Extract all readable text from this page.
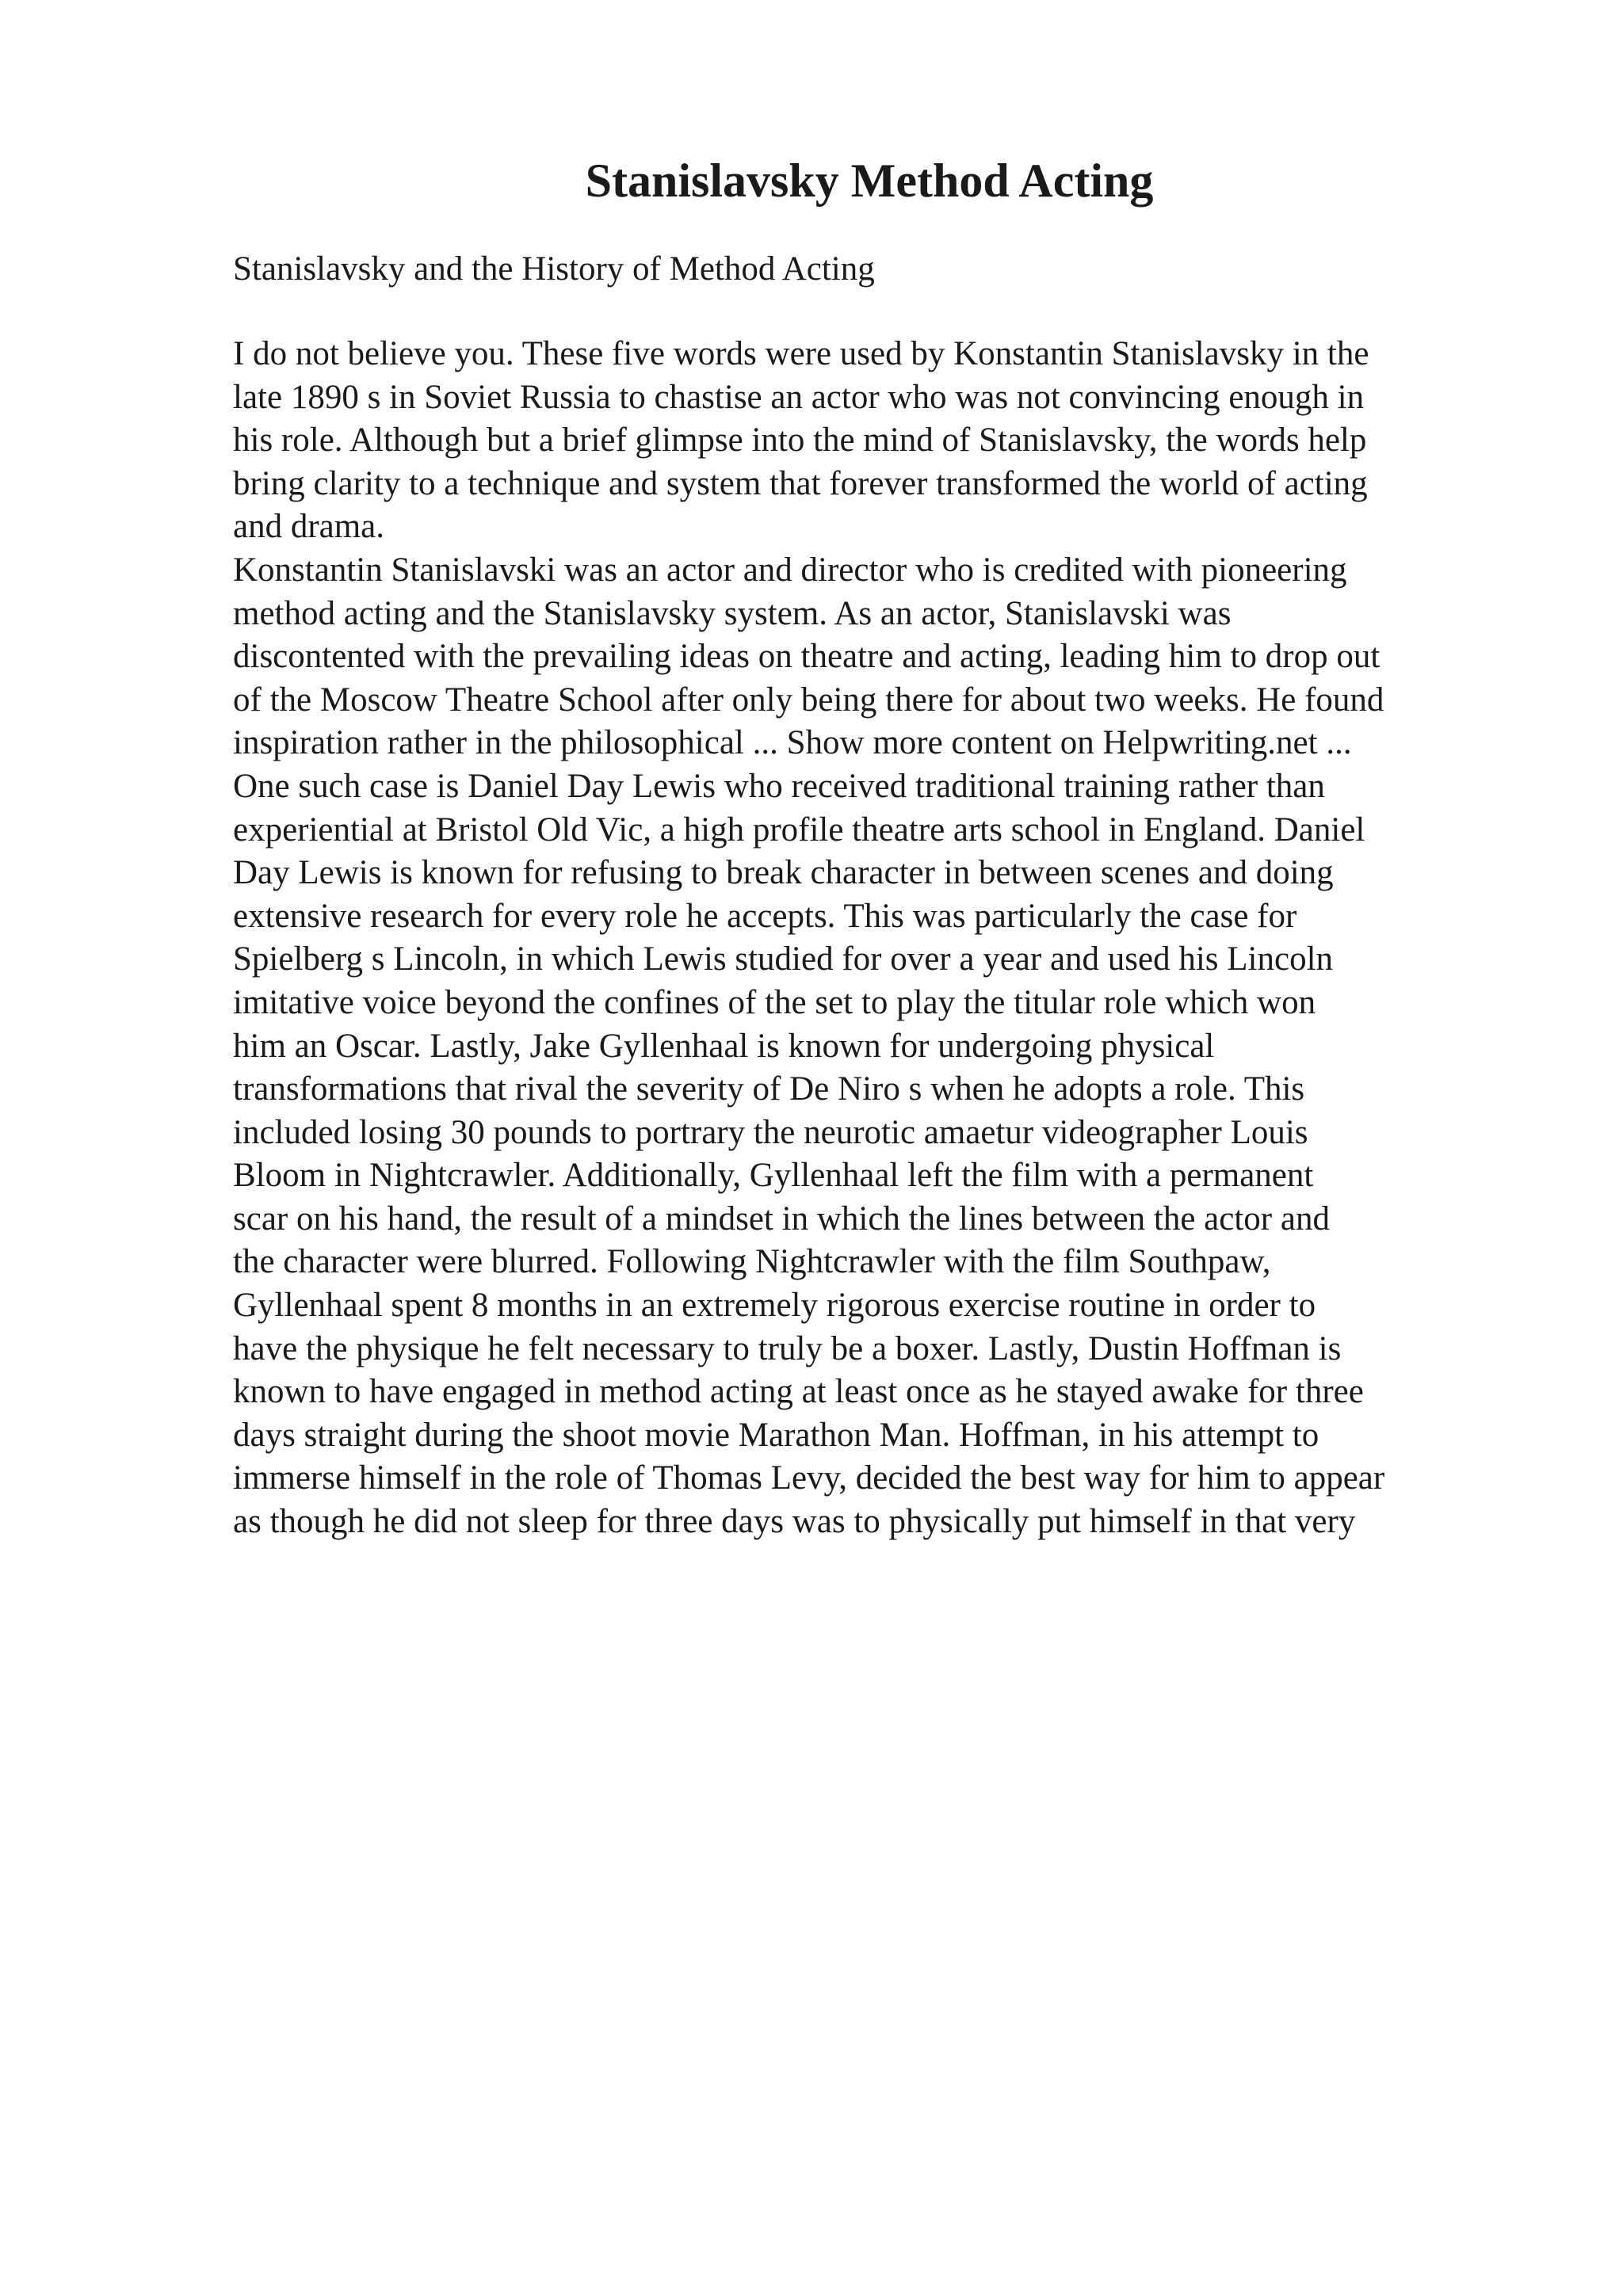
Stanislavsky Method Acting

Stanislavsky and the History of Method Acting

I do not believe you. These five words were used by Konstantin Stanislavsky in the
late 1890 s in Soviet Russia to chastise an actor who was not convincing enough in
his role. Although but a brief glimpse into the mind of Stanislavsky, the words help
bring clarity to a technique and system that forever transformed the world of acting
and drama.
Konstantin Stanislavski was an actor and director who is credited with pioneering
method acting and the Stanislavsky system. As an actor, Stanislavski was
discontented with the prevailing ideas on theatre and acting, leading him to drop out
of the Moscow Theatre School after only being there for about two weeks. He found
inspiration rather in the philosophical ... Show more content on Helpwriting.net ...
One such case is Daniel Day Lewis who received traditional training rather than
experiential at Bristol Old Vic, a high profile theatre arts school in England. Daniel
Day Lewis is known for refusing to break character in between scenes and doing
extensive research for every role he accepts. This was particularly the case for
Spielberg s Lincoln, in which Lewis studied for over a year and used his Lincoln
imitative voice beyond the confines of the set to play the titular role which won
him an Oscar. Lastly, Jake Gyllenhaal is known for undergoing physical
transformations that rival the severity of De Niro s when he adopts a role. This
included losing 30 pounds to portrary the neurotic amaetur videographer Louis
Bloom in Nightcrawler. Additionally, Gyllenhaal left the film with a permanent
scar on his hand, the result of a mindset in which the lines between the actor and
the character were blurred. Following Nightcrawler with the film Southpaw,
Gyllenhaal spent 8 months in an extremely rigorous exercise routine in order to
have the physique he felt necessary to truly be a boxer. Lastly, Dustin Hoffman is
known to have engaged in method acting at least once as he stayed awake for three
days straight during the shoot movie Marathon Man. Hoffman, in his attempt to
immerse himself in the role of Thomas Levy, decided the best way for him to appear
as though he did not sleep for three days was to physically put himself in that very
